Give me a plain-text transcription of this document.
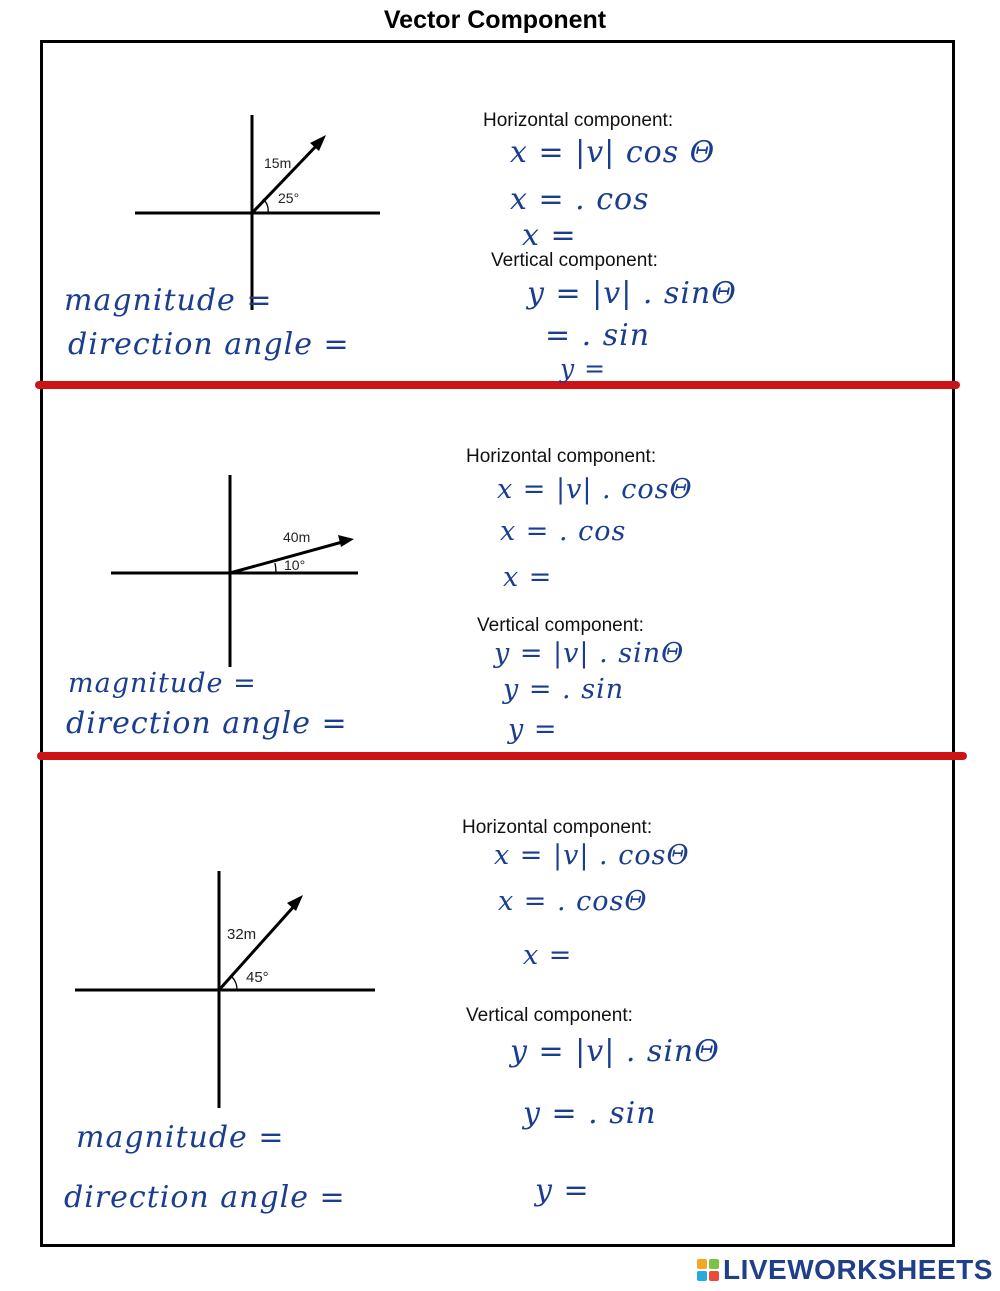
Vector Component
15m
25°
Horizontal component:
x = |v| cos Θ
x = . cos
x =
Vertical component:
y = |v| . sinΘ
= . sin
y =
magnitude =
direction angle =
40m
10°
Horizontal component:
x = |v| . cosΘ
x = . cos
x =
Vertical component:
y = |v| . sinΘ
y = . sin
y =
magnitude =
direction angle =
32m
45°
Horizontal component:
x = |v| . cosΘ
x = . cosΘ
x =
Vertical component:
y = |v| . sinΘ
y = . sin
y =
magnitude =
direction angle =
LIVEWORKSHEETS
